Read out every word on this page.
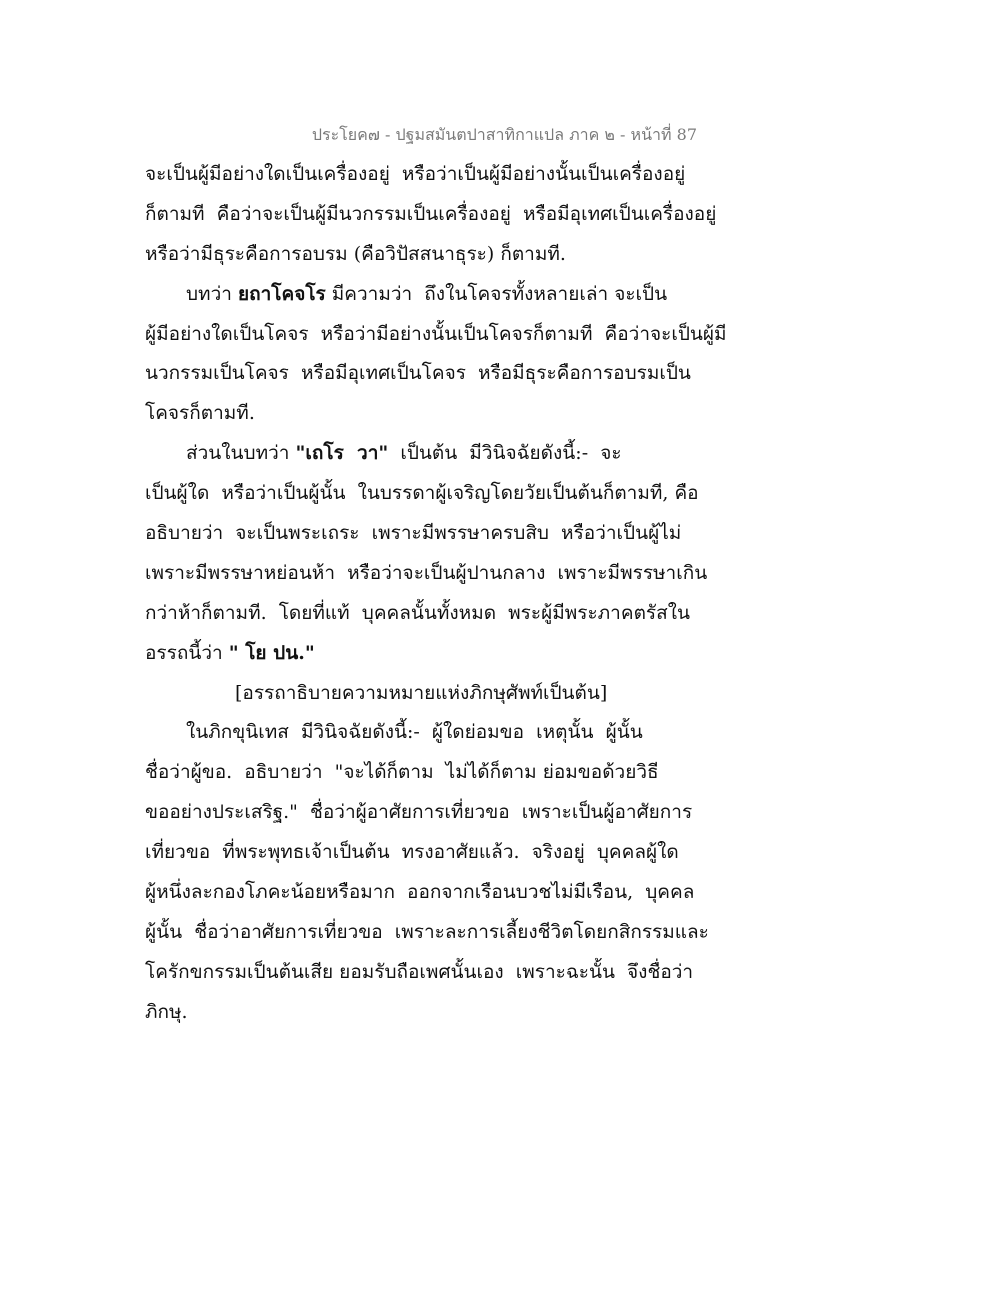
ประโยค๗ - ปฐมสมันตปาสาทิกาแปล ภาค ๒ - หน้าที่ 87
จะเป็นผู้มีอย่างใดเป็นเครื่องอยู่  หรือว่าเป็นผู้มีอย่างนั้นเป็นเครื่องอยู่
ก็ตามที  คือว่าจะเป็นผู้มีนวกรรมเป็นเครื่องอยู่  หรือมีอุเทศเป็นเครื่องอยู่
หรือว่ามีธุระคือการอบรม (คือวิปัสสนาธุระ) ก็ตามที.
บทว่า ยถาโคจโร มีความว่า  ถึงในโคจรทั้งหลายเล่า จะเป็น
ผู้มีอย่างใดเป็นโคจร  หรือว่ามีอย่างนั้นเป็นโคจรก็ตามที  คือว่าจะเป็นผู้มี
นวกรรมเป็นโคจร  หรือมีอุเทศเป็นโคจร  หรือมีธุระคือการอบรมเป็น
โคจรก็ตามที.
ส่วนในบทว่า "เถโร  วา"  เป็นต้น  มีวินิจฉัยดังนี้:-  จะ
เป็นผู้ใด  หรือว่าเป็นผู้นั้น  ในบรรดาผู้เจริญโดยวัยเป็นต้นก็ตามที, คือ
อธิบายว่า  จะเป็นพระเถระ  เพราะมีพรรษาครบสิบ  หรือว่าเป็นผู้ไม่
เพราะมีพรรษาหย่อนห้า  หรือว่าจะเป็นผู้ปานกลาง  เพราะมีพรรษาเกิน
กว่าห้าก็ตามที.  โดยที่แท้  บุคคลนั้นทั้งหมด  พระผู้มีพระภาคตรัสใน
อรรถนี้ว่า " โย ปน."
[อรรถาธิบายความหมายแห่งภิกษุศัพท์เป็นต้น]
ในภิกขุนิเทส  มีวินิจฉัยดังนี้:-  ผู้ใดย่อมขอ  เหตุนั้น  ผู้นั้น
ชื่อว่าผู้ขอ.  อธิบายว่า  "จะได้ก็ตาม  ไม่ได้ก็ตาม ย่อมขอด้วยวิธี
ขออย่างประเสริฐ."  ชื่อว่าผู้อาศัยการเที่ยวขอ  เพราะเป็นผู้อาศัยการ
เที่ยวขอ  ที่พระพุทธเจ้าเป็นต้น  ทรงอาศัยแล้ว.  จริงอยู่  บุคคลผู้ใด
ผู้หนึ่งละกองโภคะน้อยหรือมาก  ออกจากเรือนบวชไม่มีเรือน,  บุคคล
ผู้นั้น  ชื่อว่าอาศัยการเที่ยวขอ  เพราะละการเลี้ยงชีวิตโดยกสิกรรมและ
โครักขกรรมเป็นต้นเสีย ยอมรับถือเพศนั้นเอง  เพราะฉะนั้น  จึงชื่อว่า
ภิกษุ.
